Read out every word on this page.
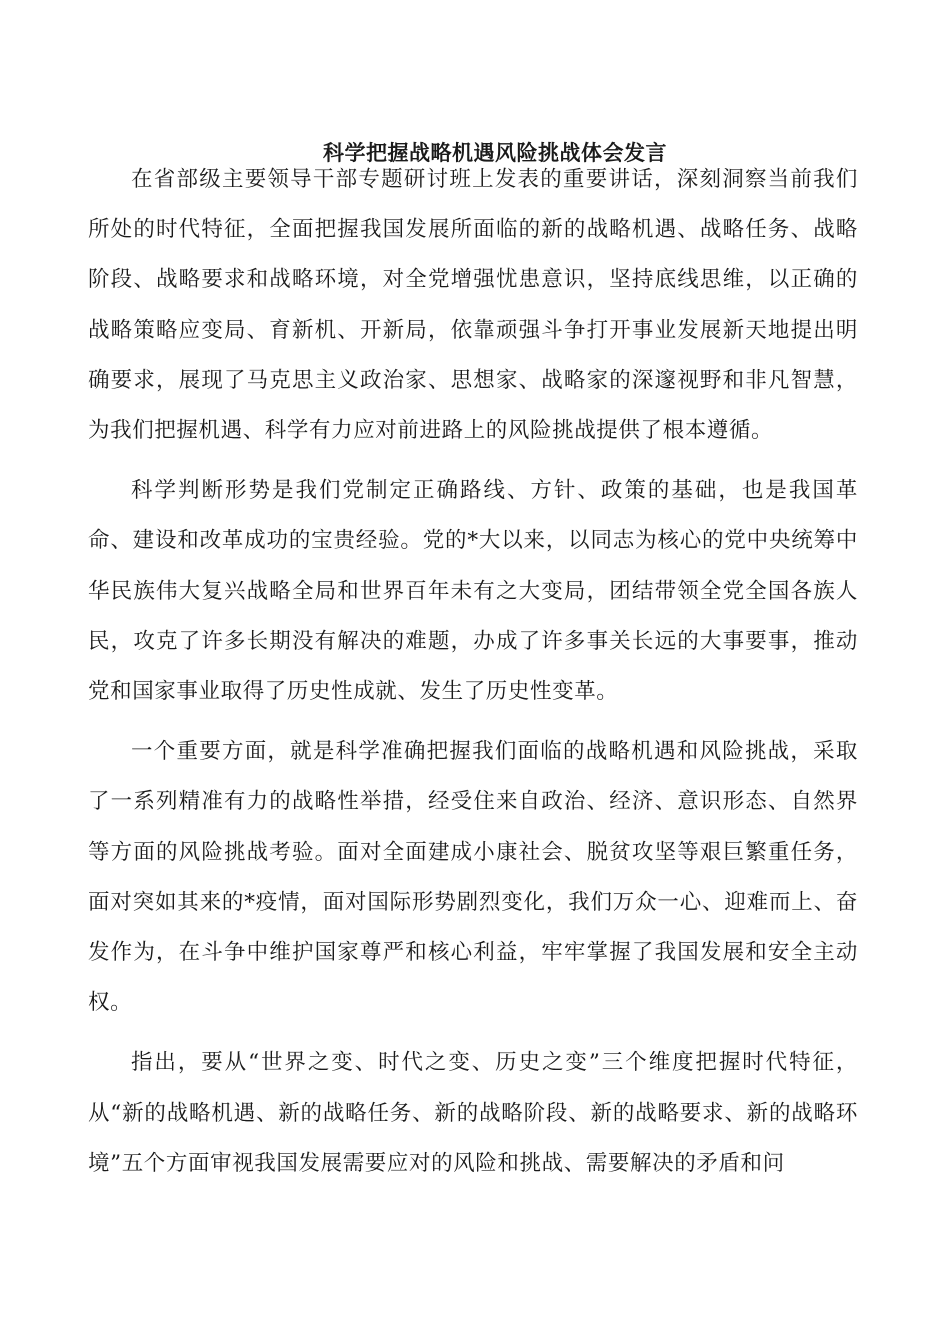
科学把握战略机遇风险挑战体会发言

在省部级主要领导干部专题研讨班上发表的重要讲话，深刻洞察当前我们所处的时代特征，全面把握我国发展所面临的新的战略机遇、战略任务、战略阶段、战略要求和战略环境，对全党增强忧患意识，坚持底线思维，以正确的战略策略应变局、育新机、开新局，依靠顽强斗争打开事业发展新天地提出明确要求，展现了马克思主义政治家、思想家、战略家的深邃视野和非凡智慧，为我们把握机遇、科学有力应对前进路上的风险挑战提供了根本遵循。

科学判断形势是我们党制定正确路线、方针、政策的基础，也是我国革命、建设和改革成功的宝贵经验。党的*大以来，以同志为核心的党中央统筹中华民族伟大复兴战略全局和世界百年未有之大变局，团结带领全党全国各族人民，攻克了许多长期没有解决的难题，办成了许多事关长远的大事要事，推动党和国家事业取得了历史性成就、发生了历史性变革。

一个重要方面，就是科学准确把握我们面临的战略机遇和风险挑战，采取了一系列精准有力的战略性举措，经受住来自政治、经济、意识形态、自然界等方面的风险挑战考验。面对全面建成小康社会、脱贫攻坚等艰巨繁重任务，面对突如其来的*疫情，面对国际形势剧烈变化，我们万众一心、迎难而上、奋发作为，在斗争中维护国家尊严和核心利益，牢牢掌握了我国发展和安全主动权。

指出，要从“世界之变、时代之变、历史之变”三个维度把握时代特征，从“新的战略机遇、新的战略任务、新的战略阶段、新的战略要求、新的战略环境”五个方面审视我国发展需要应对的风险和挑战、需要解决的矛盾和问
